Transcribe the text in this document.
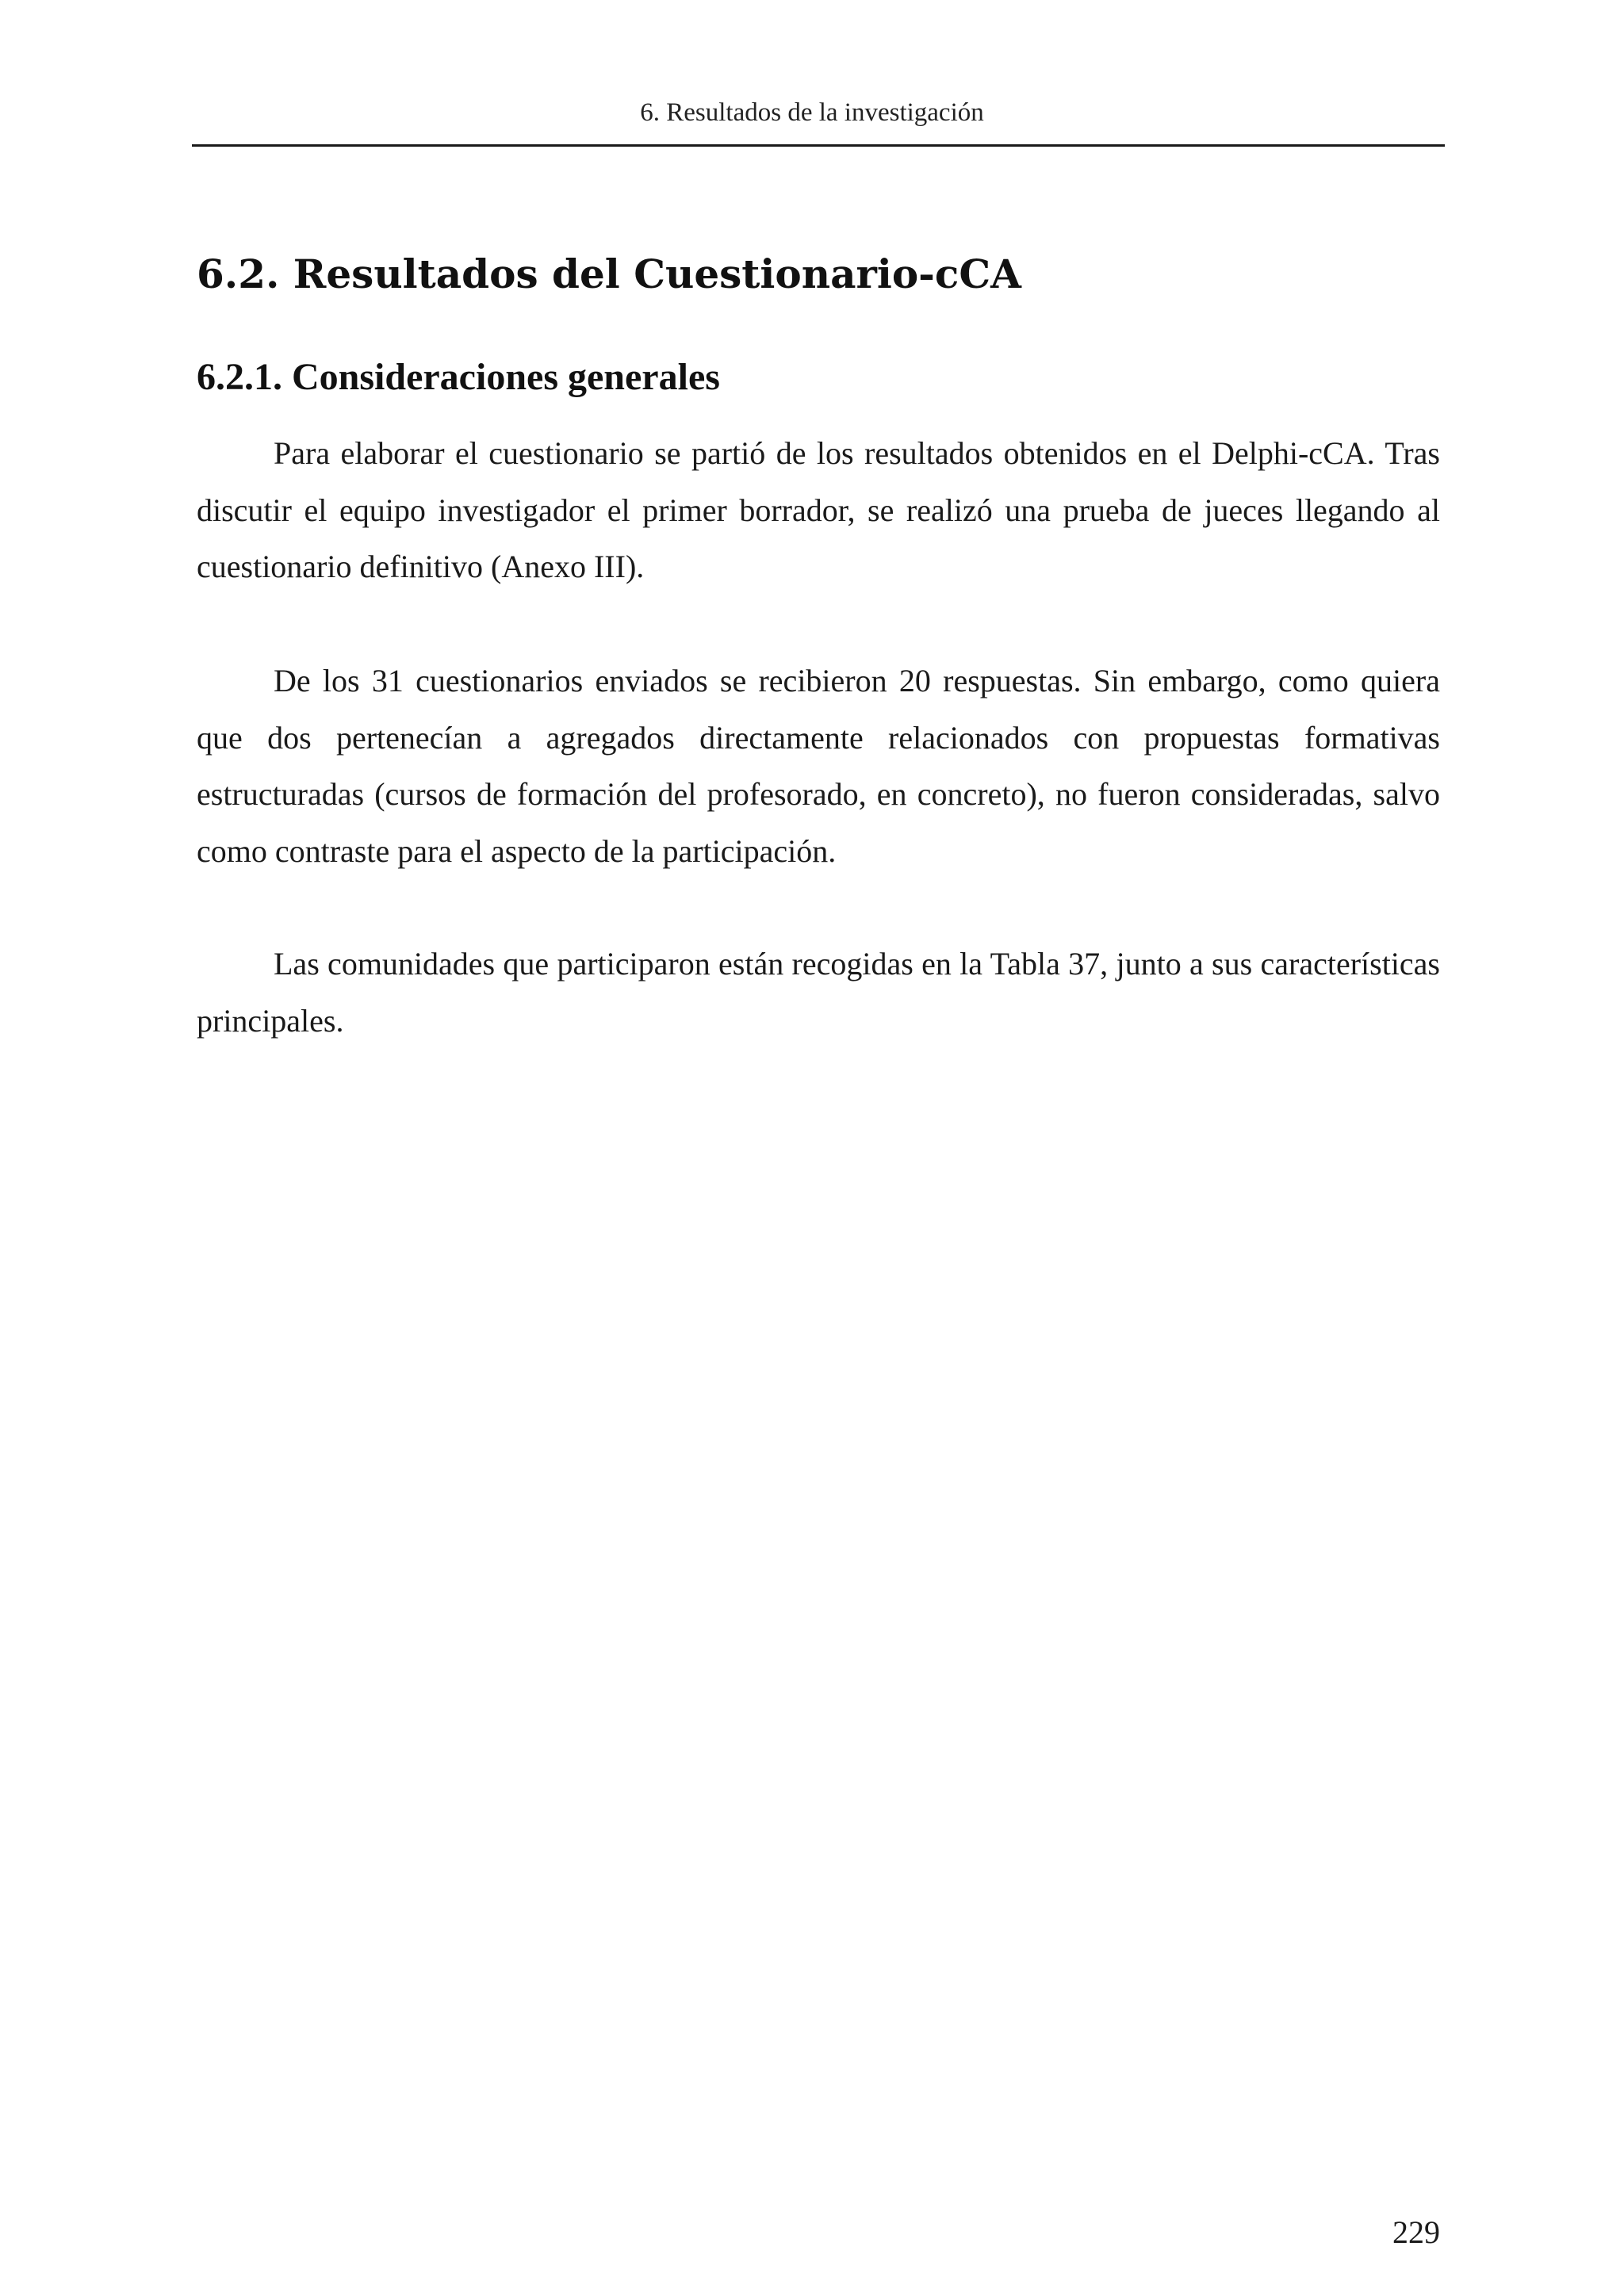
6. Resultados de la investigación
6.2. Resultados del Cuestionario-cCA
6.2.1. Consideraciones generales

Para elaborar el cuestionario se partió de los resultados obtenidos en el Delphi-cCA. Tras discutir el equipo investigador el primer borrador, se realizó una prueba de jueces llegando al cuestionario definitivo (Anexo III).

De los 31 cuestionarios enviados se recibieron 20 respuestas. Sin embargo, como quiera que dos pertenecían a agregados directamente relacionados con propuestas formativas estructuradas (cursos de formación del profesorado, en concreto), no fueron consideradas, salvo como contraste para el aspecto de la participación.

Las comunidades que participaron están recogidas en la Tabla 37, junto a sus características principales.

229
